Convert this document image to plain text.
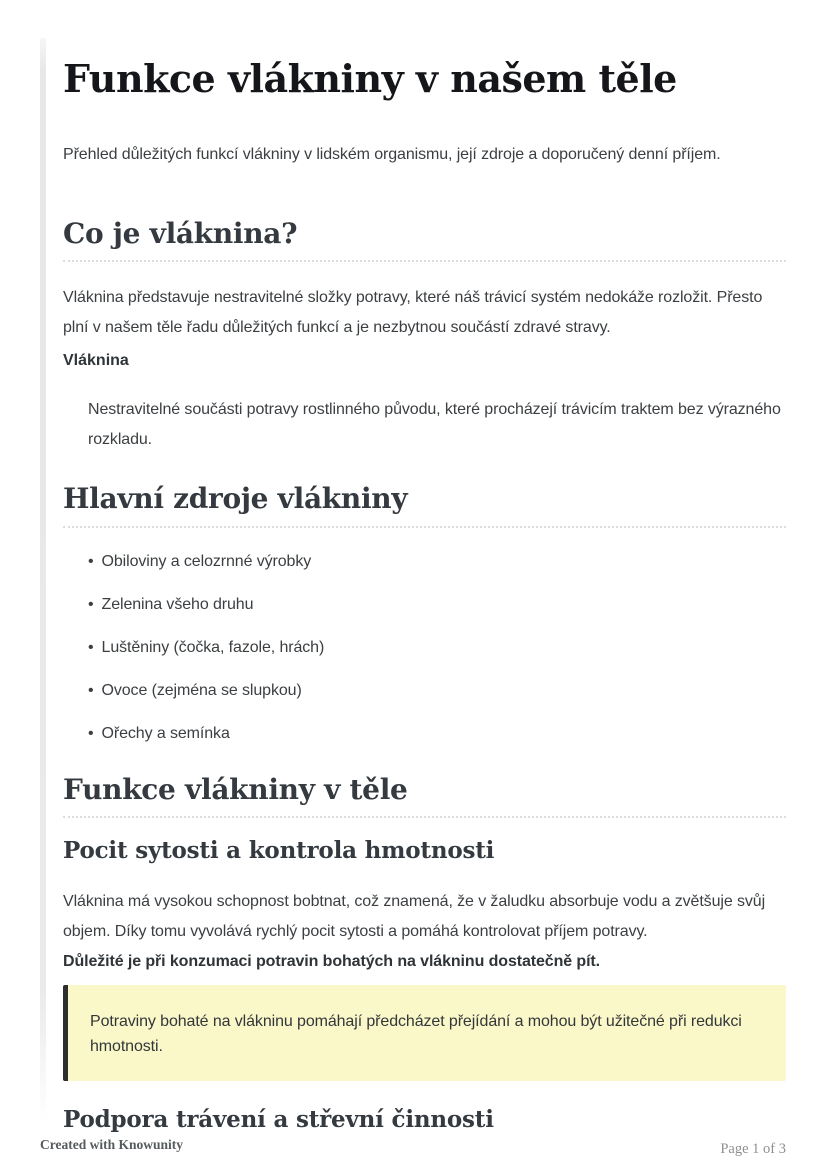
Funkce vlákniny v našem těle

Přehled důležitých funkcí vlákniny v lidském organismu, její zdroje a doporučený denní příjem.

Co je vláknina?

Vláknina představuje nestravitelné složky potravy, které náš trávicí systém nedokáže rozložit. Přesto plní v našem těle řadu důležitých funkcí a je nezbytnou součástí zdravé stravy.

Vláknina

Nestravitelné součásti potravy rostlinného původu, které procházejí trávicím traktem bez výrazného rozkladu.

Hlavní zdroje vlákniny
• Obiloviny a celozrnné výrobky
• Zelenina všeho druhu
• Luštěniny (čočka, fazole, hrách)
• Ovoce (zejména se slupkou)
• Ořechy a semínka
Funkce vlákniny v těle
Pocit sytosti a kontrola hmotnosti

Vláknina má vysokou schopnost bobtnat, což znamená, že v žaludku absorbuje vodu a zvětšuje svůj objem. Díky tomu vyvolává rychlý pocit sytosti a pomáhá kontrolovat příjem potravy.
Důležité je při konzumaci potravin bohatých na vlákninu dostatečně pít.

Potraviny bohaté na vlákninu pomáhají předcházet přejídání a mohou být užitečné při redukci hmotnosti.

Podpora trávení a střevní činnosti
Created with Knowunity	Page 1 of 3
